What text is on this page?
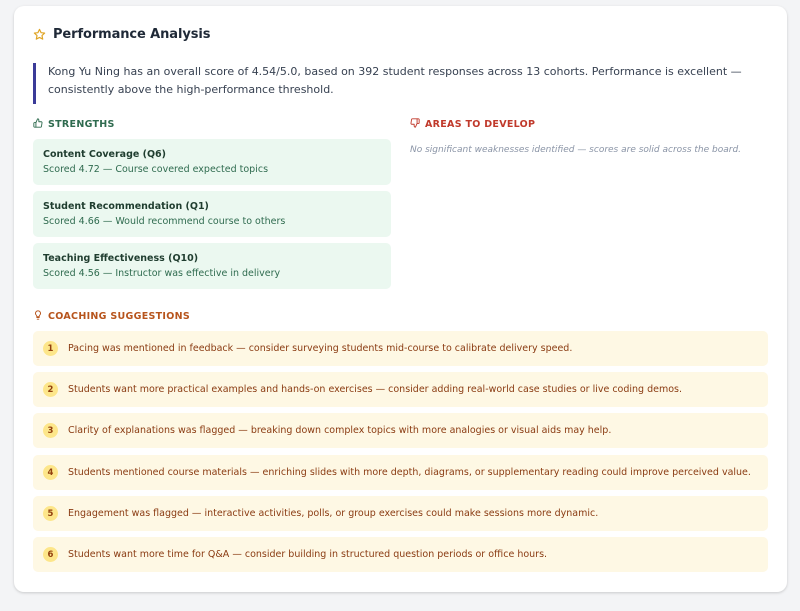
Performance Analysis
Kong Yu Ning has an overall score of 4.54/5.0, based on 392 student responses across 13 cohorts. Performance is excellent — consistently above the high-performance threshold.
STRENGTHS
Content Coverage (Q6)
Scored 4.72 — Course covered expected topics
Student Recommendation (Q1)
Scored 4.66 — Would recommend course to others
Teaching Effectiveness (Q10)
Scored 4.56 — Instructor was effective in delivery
AREAS TO DEVELOP
No significant weaknesses identified — scores are solid across the board.
COACHING SUGGESTIONS
1	Pacing was mentioned in feedback — consider surveying students mid-course to calibrate delivery speed.
2	Students want more practical examples and hands-on exercises — consider adding real-world case studies or live coding demos.
3	Clarity of explanations was flagged — breaking down complex topics with more analogies or visual aids may help.
4	Students mentioned course materials — enriching slides with more depth, diagrams, or supplementary reading could improve perceived value.
5	Engagement was flagged — interactive activities, polls, or group exercises could make sessions more dynamic.
6	Students want more time for Q&A — consider building in structured question periods or office hours.
